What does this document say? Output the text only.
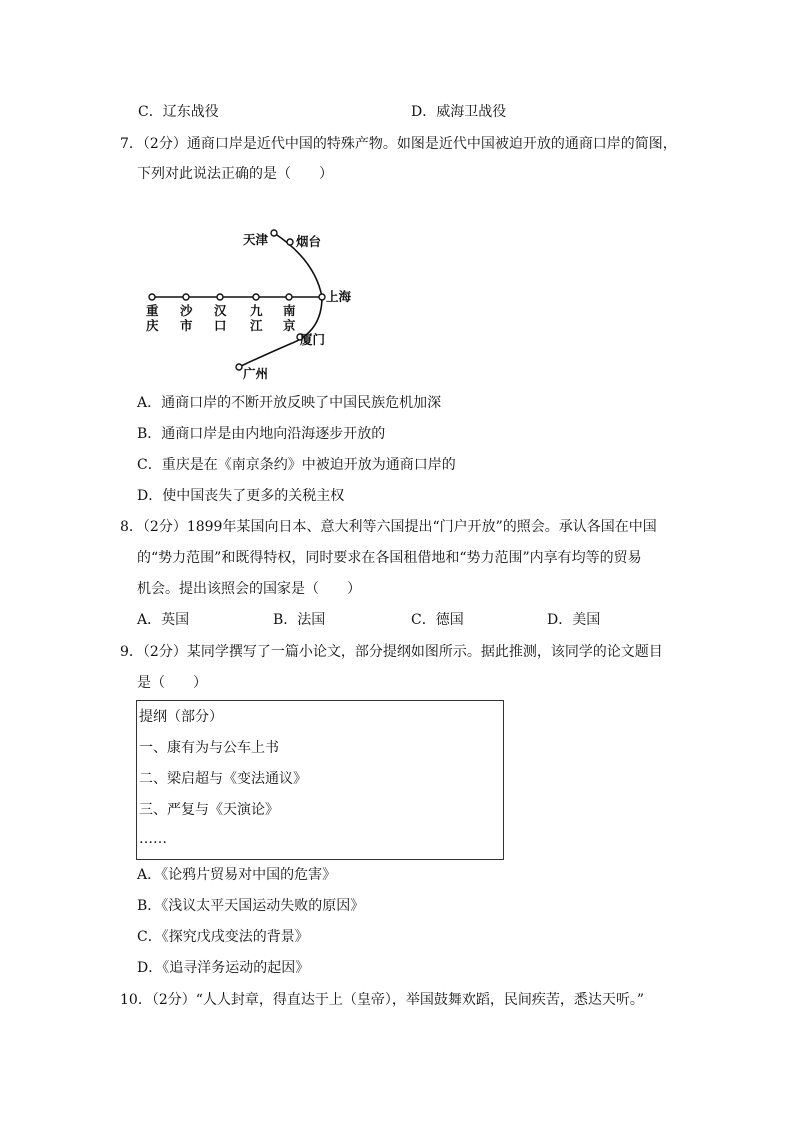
C．辽东战役	D．威海卫战役
7．（2分）通商口岸是近代中国的特殊产物。如图是近代中国被迫开放的通商口岸的简图，
下列对此说法正确的是（　　）
天津 烟台
上海
厦门
广州
重
庆
沙
市
汉
口
九
江
南
京
A．通商口岸的不断开放反映了中国民族危机加深
B．通商口岸是由内地向沿海逐步开放的
C．重庆是在《南京条约》中被迫开放为通商口岸的
D．使中国丧失了更多的关税主权
8．（2分）1899年某国向日本、意大利等六国提出“门户开放”的照会。承认各国在中国
的“势力范围”和既得特权，同时要求在各国租借地和“势力范围”内享有均等的贸易
机会。提出该照会的国家是（　　）
A．英国	B．法国	C．德国	D．美国
9．（2分）某同学撰写了一篇小论文，部分提纲如图所示。据此推测，该同学的论文题目
是（　　）
提纲（部分）
一、康有为与公车上书
二、梁启超与《变法通议》
三、严复与《天演论》
……
A．《论鸦片贸易对中国的危害》
B．《浅议太平天国运动失败的原因》
C．《探究戊戌变法的背景》
D．《追寻洋务运动的起因》
10．（2分）“人人封章，得直达于上（皇帝），举国鼓舞欢蹈，民间疾苦，悉达天听。”
